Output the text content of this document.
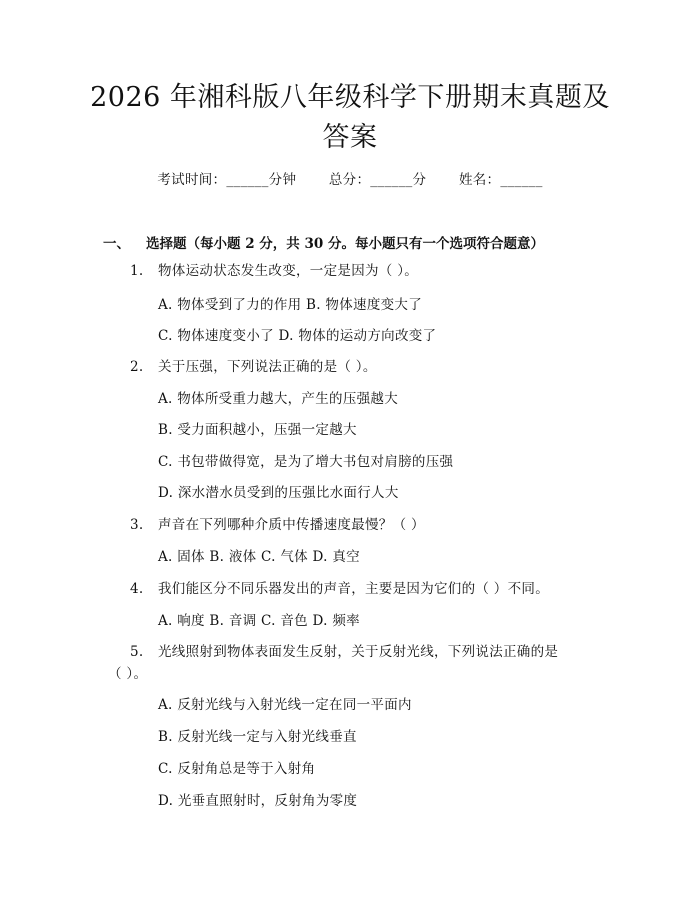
2026 年湘科版八年级科学下册期末真题及答案
考试时间：______分钟 总分：______分 姓名：______
一、 选择题（每小题 2 分，共 30 分。每小题只有一个选项符合题意）
1. 物体运动状态发生改变，一定是因为（ ）。
A. 物体受到了力的作用 B. 物体速度变大了
C. 物体速度变小了 D. 物体的运动方向改变了
2. 关于压强，下列说法正确的是（ ）。
A. 物体所受重力越大，产生的压强越大
B. 受力面积越小，压强一定越大
C. 书包带做得宽，是为了增大书包对肩膀的压强
D. 深水潜水员受到的压强比水面行人大
3. 声音在下列哪种介质中传播速度最慢？（ ）
A. 固体 B. 液体 C. 气体 D. 真空
4. 我们能区分不同乐器发出的声音，主要是因为它们的（ ）不同。
A. 响度 B. 音调 C. 音色 D. 频率
5. 光线照射到物体表面发生反射，关于反射光线，下列说法正确的是
（ ）。
A. 反射光线与入射光线一定在同一平面内
B. 反射光线一定与入射光线垂直
C. 反射角总是等于入射角
D. 光垂直照射时，反射角为零度
